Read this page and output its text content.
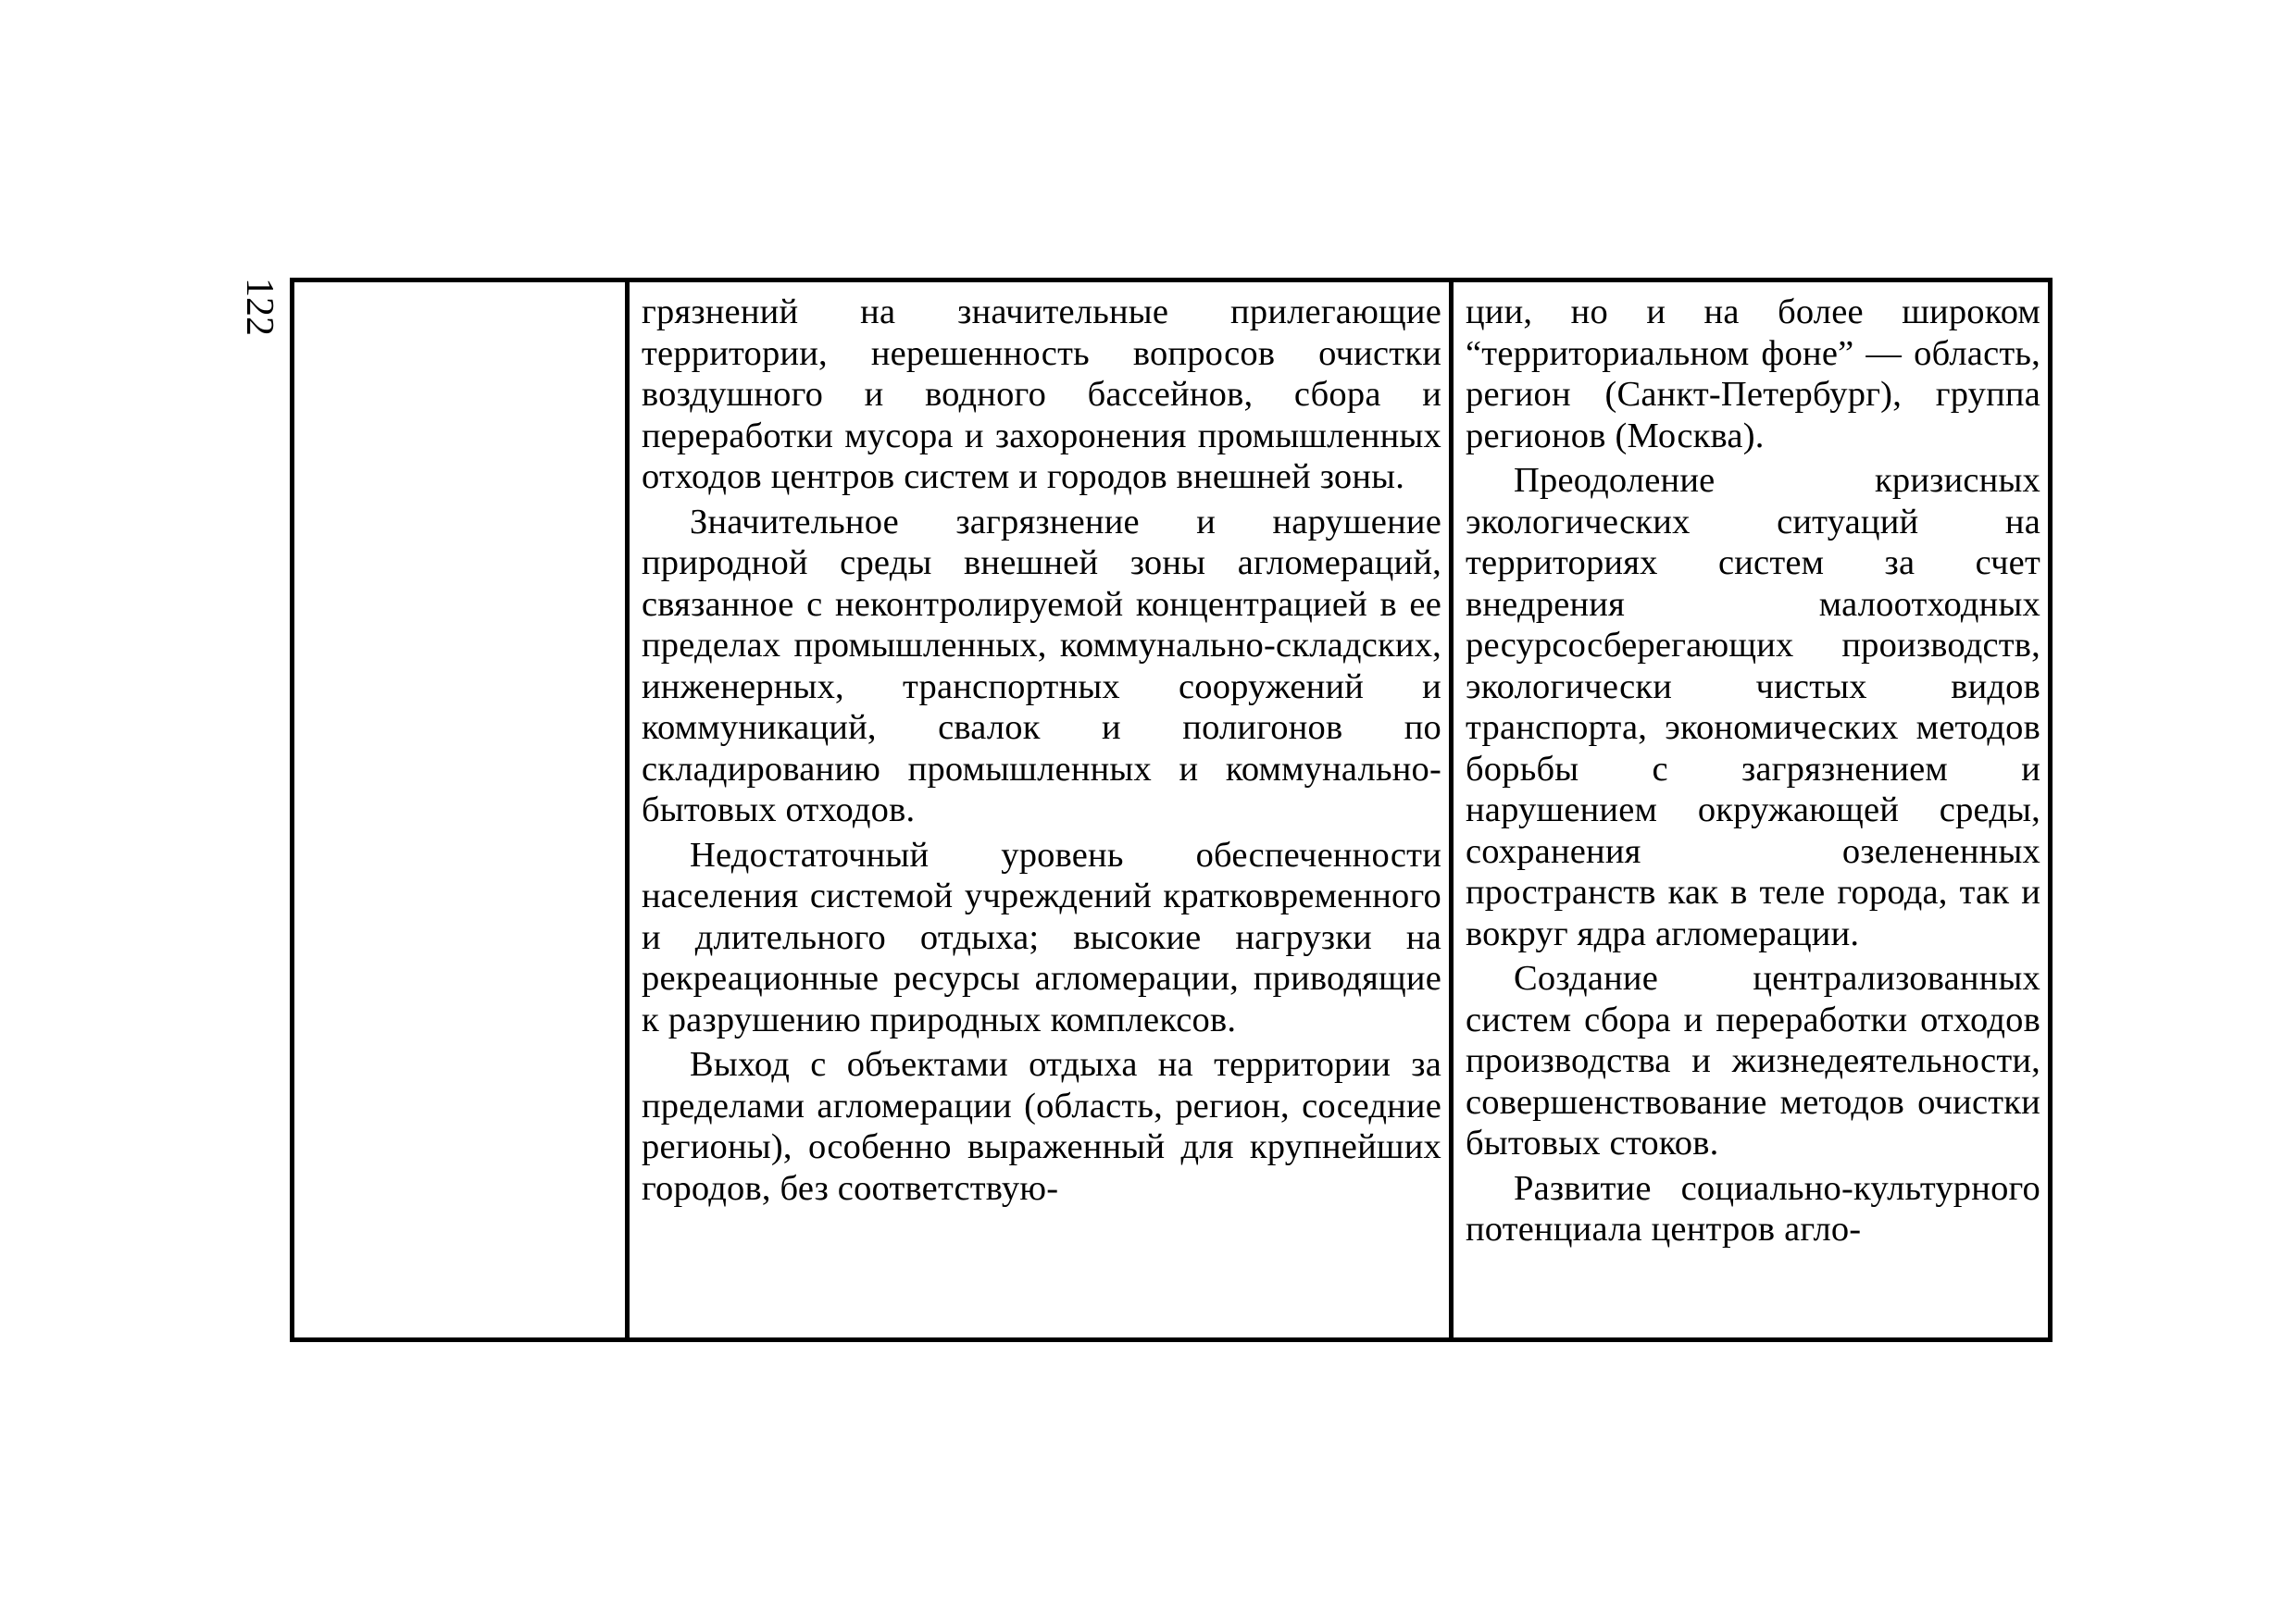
122	грязнений на значительные прилегающие территории, нерешенность вопросов очистки воздушного и водного бассейнов, сбора и переработки мусора и захоронения промышленных отходов центров систем и городов внешней зоны.

Значительное загрязнение и нарушение природной среды внешней зоны агломераций, связанное с неконтролируемой концентрацией в ее пределах промышленных, коммунально-складских, инженерных, транспортных сооружений и коммуникаций, свалок и полигонов по складированию промышленных и коммунально-бытовых отходов.

Недостаточный уровень обеспеченности населения системой учреждений кратковременного и длительного отдыха; высокие нагрузки на рекреационные ресурсы агломерации, приводящие к разрушению природных комплексов.

Выход с объектами отдыха на территории за пределами агломерации (область, регион, соседние регионы), особенно выраженный для крупнейших городов, без соответствую-

ции, но и на более широком “территориальном фоне” — область, регион (Санкт-Петербург), группа регионов (Москва).

Преодоление кризисных экологических ситуаций на территориях систем за счет внедрения малоотходных ресурсосберегающих производств, экологически чистых видов транспорта, экономических методов борьбы с загрязнением и нарушением окружающей среды, сохранения озелененных пространств как в теле города, так и вокруг ядра агломерации.

Создание централизованных систем сбора и переработки отходов производства и жизнедеятельности, совершенствование методов очистки бытовых стоков.

Развитие социально-культурного потенциала центров агло-
